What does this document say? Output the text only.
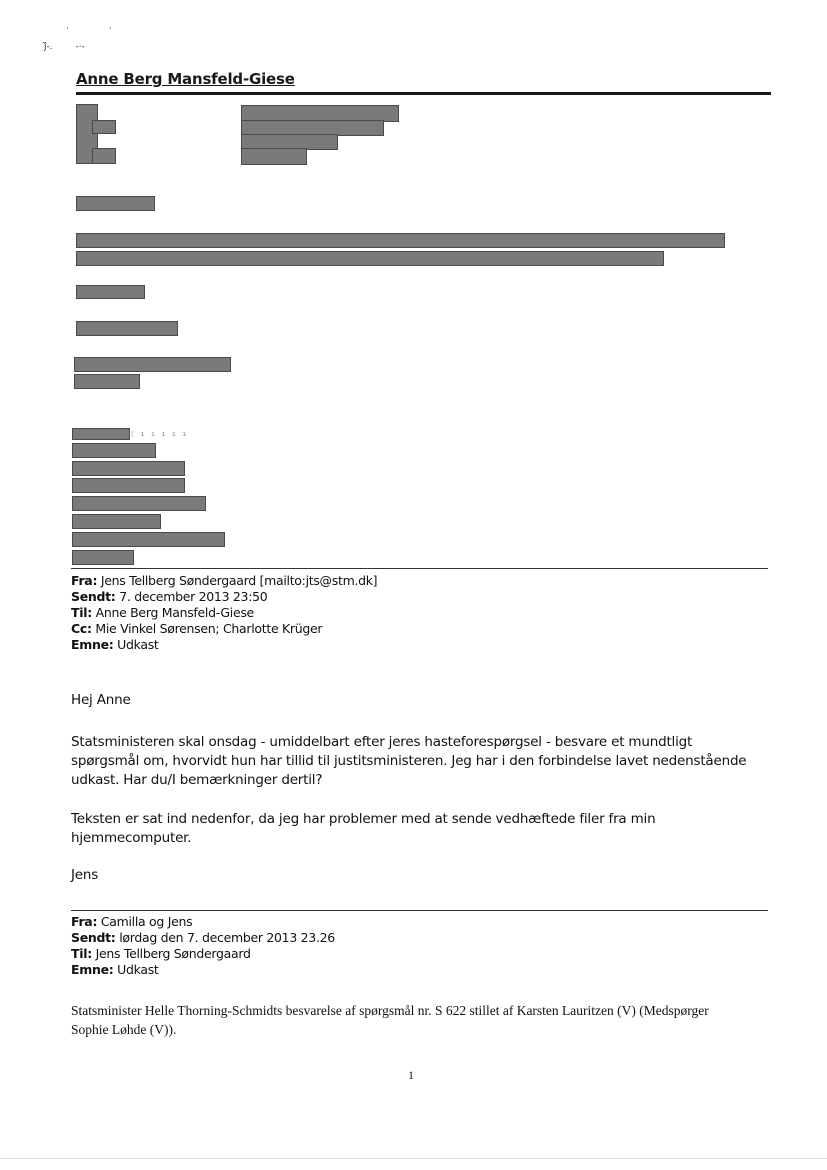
·              ·
ĵ̈-.        -·-
Anne Berg Mansfeld-Giese
¦ ı ı ı ı ı
Fra: Jens Tellberg Søndergaard [mailto:jts@stm.dk]
Sendt: 7. december 2013 23:50
Til: Anne Berg Mansfeld-Giese
Cc: Mie Vinkel Sørensen; Charlotte Krüger
Emne: Udkast
Hej Anne
Statsministeren skal onsdag - umiddelbart efter jeres hasteforespørgsel - besvare et mundtligt spørgsmål om, hvorvidt hun har tillid til justitsministeren. Jeg har i den forbindelse lavet nedenstående udkast. Har du/I bemærkninger dertil?
Teksten er sat ind nedenfor, da jeg har problemer med at sende vedhæftede filer fra min hjemmecomputer.
Jens
Fra: Camilla og Jens
Sendt: lørdag den 7. december 2013 23.26
Til: Jens Tellberg Søndergaard
Emne: Udkast
Statsminister Helle Thorning-Schmidts besvarelse af spørgsmål nr. S 622 stillet af Karsten Lauritzen (V) (Medspørger Sophie Løhde (V)).
1
